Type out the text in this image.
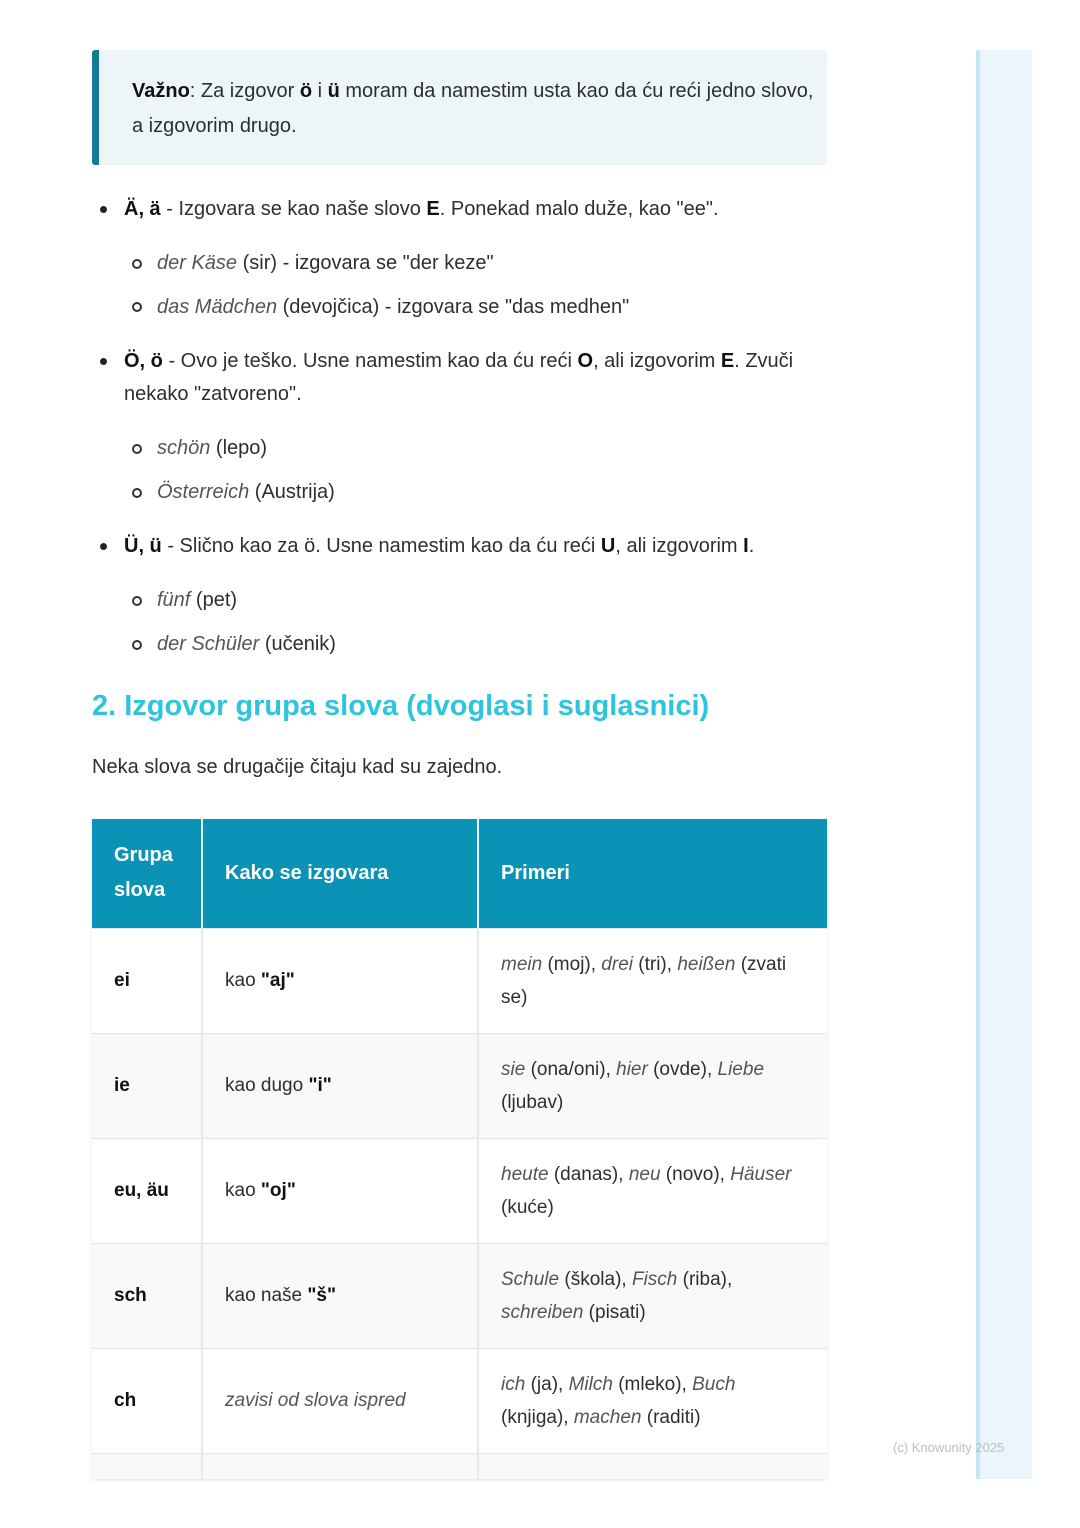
Važno: Za izgovor ö i ü moram da namestim usta kao da ću reći jedno slovo, a izgovorim drugo.

Ä, ä - Izgovara se kao naše slovo E. Ponekad malo duže, kao "ee".
der Käse (sir) - izgovara se "der keze"
das Mädchen (devojčica) - izgovara se "das medhen"
Ö, ö - Ovo je teško. Usne namestim kao da ću reći O, ali izgovorim E. Zvuči nekako "zatvoreno".
schön (lepo)
Österreich (Austrija)
Ü, ü - Slično kao za ö. Usne namestim kao da ću reći U, ali izgovorim I.
fünf (pet)
der Schüler (učenik)
2. Izgovor grupa slova (dvoglasi i suglasnici)
Neka slova se drugačije čitaju kad su zajedno.
Grupa slova	Kako se izgovara	Primeri
ei	kao "aj"	mein (moj), drei (tri), heißen (zvati se)
ie	kao dugo "i"	sie (ona/oni), hier (ovde), Liebe (ljubav)
eu, äu	kao "oj"	heute (danas), neu (novo), Häuser (kuće)
sch	kao naše "š"	Schule (škola), Fisch (riba), schreiben (pisati)
ch	zavisi od slova ispred	ich (ja), Milch (mleko), Buch (knjiga), machen (raditi)

(c) Knowunity 2025
